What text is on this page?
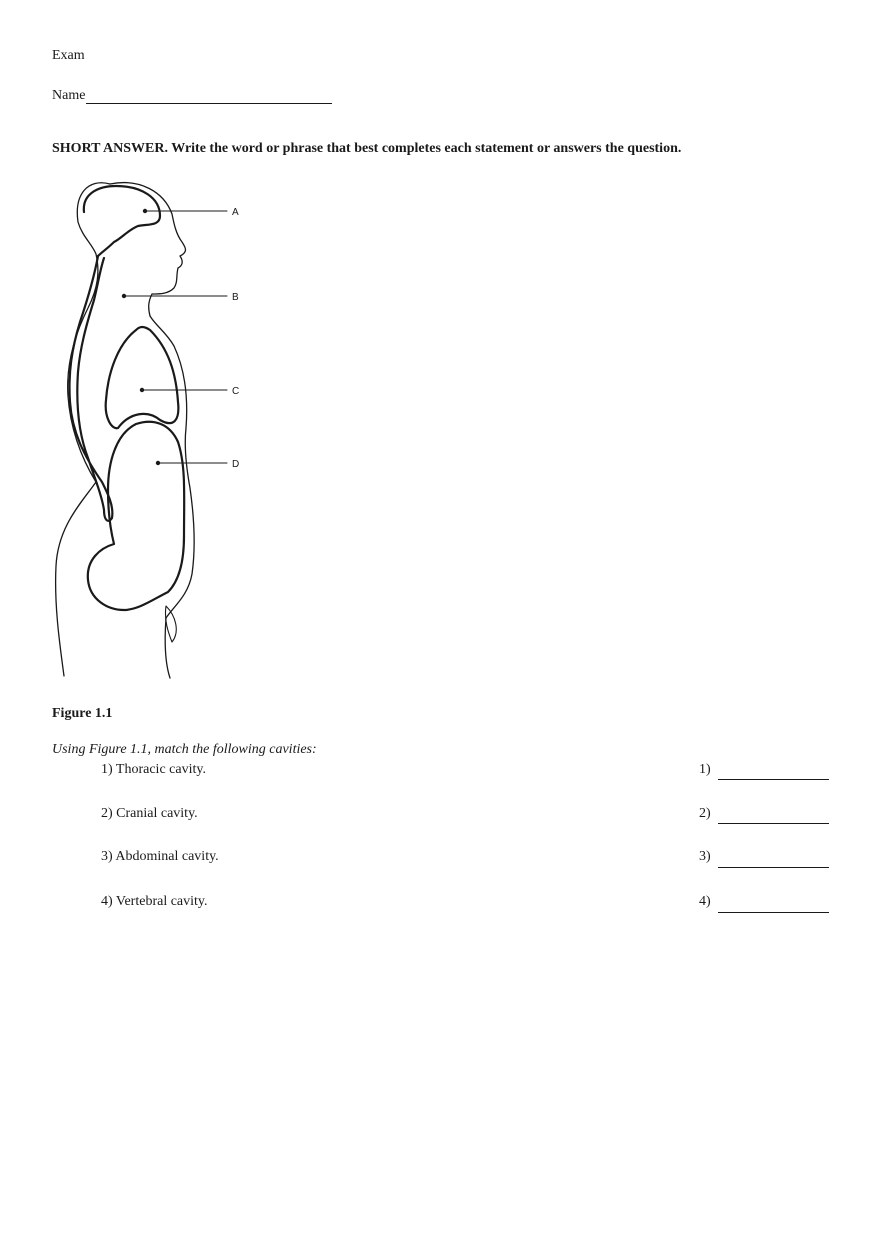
Exam
Name
SHORT ANSWER. Write the word or phrase that best completes each statement or answers the question.
A
B
C
D
Figure 1.1
Using Figure 1.1, match the following cavities:
1) Thoracic cavity.	1)
2) Cranial cavity.	2)
3) Abdominal cavity.	3)
4) Vertebral cavity.	4)
